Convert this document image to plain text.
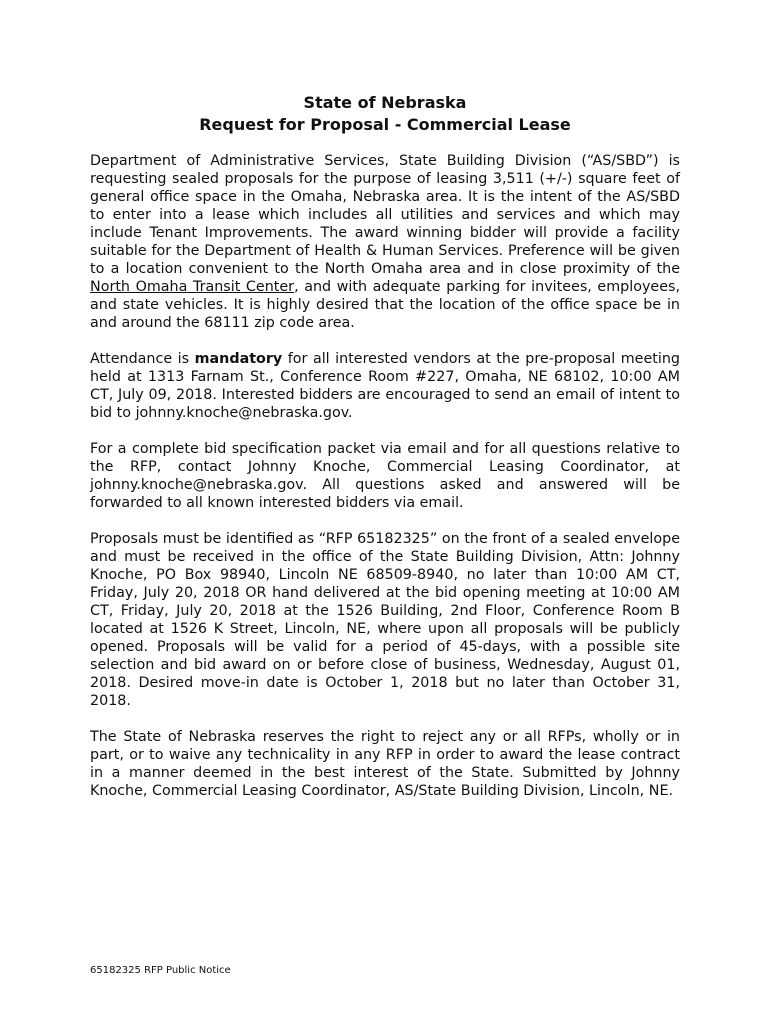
State of Nebraska
Request for Proposal - Commercial Lease

Department of Administrative Services, State Building Division (“AS/SBD”) is requesting sealed proposals for the purpose of leasing 3,511 (+/-) square feet of general office space in the Omaha, Nebraska area. It is the intent of the AS/SBD to enter into a lease which includes all utilities and services and which may include Tenant Improvements. The award winning bidder will provide a facility suitable for the Department of Health & Human Services. Preference will be given to a location convenient to the North Omaha area and in close proximity of the North Omaha Transit Center, and with adequate parking for invitees, employees, and state vehicles. It is highly desired that the location of the office space be in and around the 68111 zip code area.

Attendance is mandatory for all interested vendors at the pre-proposal meeting held at 1313 Farnam St., Conference Room #227, Omaha, NE 68102, 10:00 AM CT, July 09, 2018. Interested bidders are encouraged to send an email of intent to bid to johnny.knoche@nebraska.gov.

For a complete bid specification packet via email and for all questions relative to the RFP, contact Johnny Knoche, Commercial Leasing Coordinator, at johnny.knoche@nebraska.gov. All questions asked and answered will be forwarded to all known interested bidders via email.

Proposals must be identified as “RFP 65182325” on the front of a sealed envelope and must be received in the office of the State Building Division, Attn: Johnny Knoche, PO Box 98940, Lincoln NE 68509-8940, no later than 10:00 AM CT, Friday, July 20, 2018 OR hand delivered at the bid opening meeting at 10:00 AM CT, Friday, July 20, 2018 at the 1526 Building, 2nd Floor, Conference Room B located at 1526 K Street, Lincoln, NE, where upon all proposals will be publicly opened. Proposals will be valid for a period of 45-days, with a possible site selection and bid award on or before close of business, Wednesday, August 01, 2018. Desired move-in date is October 1, 2018 but no later than October 31, 2018.

The State of Nebraska reserves the right to reject any or all RFPs, wholly or in part, or to waive any technicality in any RFP in order to award the lease contract in a manner deemed in the best interest of the State. Submitted by Johnny Knoche, Commercial Leasing Coordinator, AS/State Building Division, Lincoln, NE.

65182325 RFP Public Notice
